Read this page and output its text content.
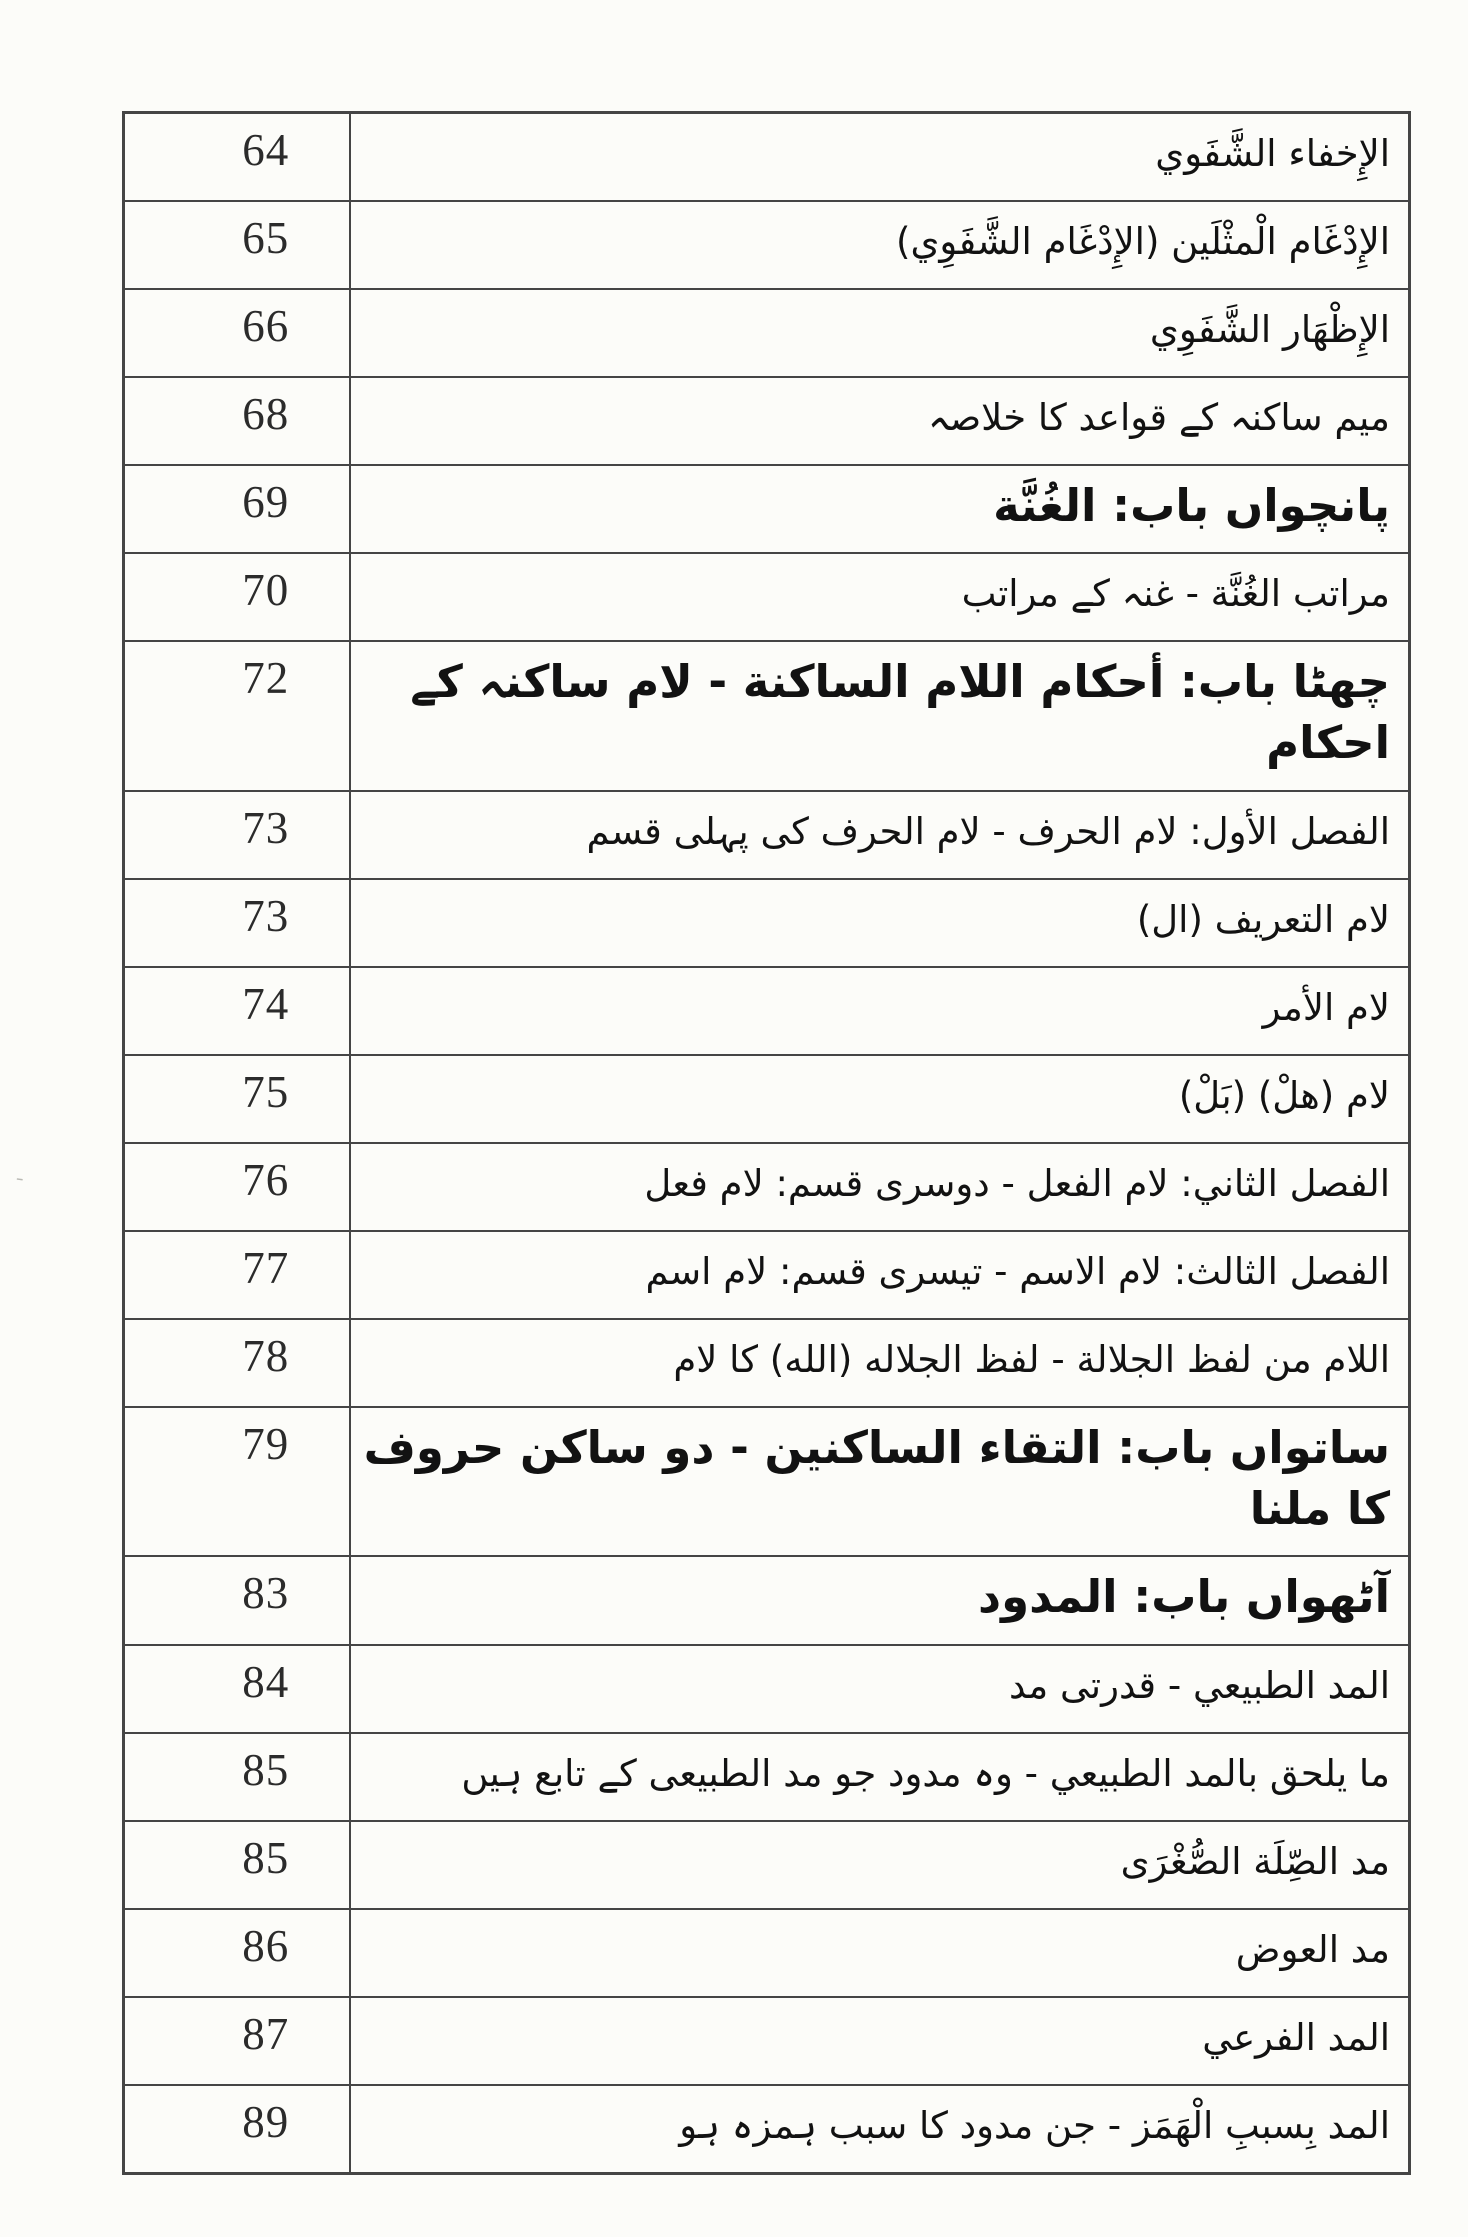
ˍ
64	الإِخفاء الشَّفَوي
65	الإِدْغَام الْمثْلَين (الإِدْغَام الشَّفَوِي)
66	الإِظْهَار الشَّفَوِي
68	میم ساکنہ کے قواعد کا خلاصہ
69	پانچواں باب: الغُنَّة
70	مراتب الغُنَّة - غنہ کے مراتب
72	چھٹا باب: أحكام اللام الساكنة - لام ساکنہ کے احکام
73	الفصل الأول: لام الحرف - لام الحرف کی پہلی قسم
73	لام التعريف (ال)
74	لام الأمر
75	لام (هلْ) (بَلْ)
76	الفصل الثاني: لام الفعل - دوسری قسم: لام فعل
77	الفصل الثالث: لام الاسم - تیسری قسم: لام اسم
78	اللام من لفظ الجلالة - لفظ الجلاله (الله) کا لام
79	ساتواں باب: التقاء الساكنين - دو ساکن حروف کا ملنا
83	آٹھواں باب: المدود
84	المد الطبيعي - قدرتی مد
85	ما يلحق بالمد الطبيعي - وہ مدود جو مد الطبیعی کے تابع ہیں
85	مد الصِّلَة الصُّغْرَى
86	مد العوض
87	المد الفرعي
89	المد بِسببِ الْهَمَز - جن مدود کا سبب ہمزہ ہو
